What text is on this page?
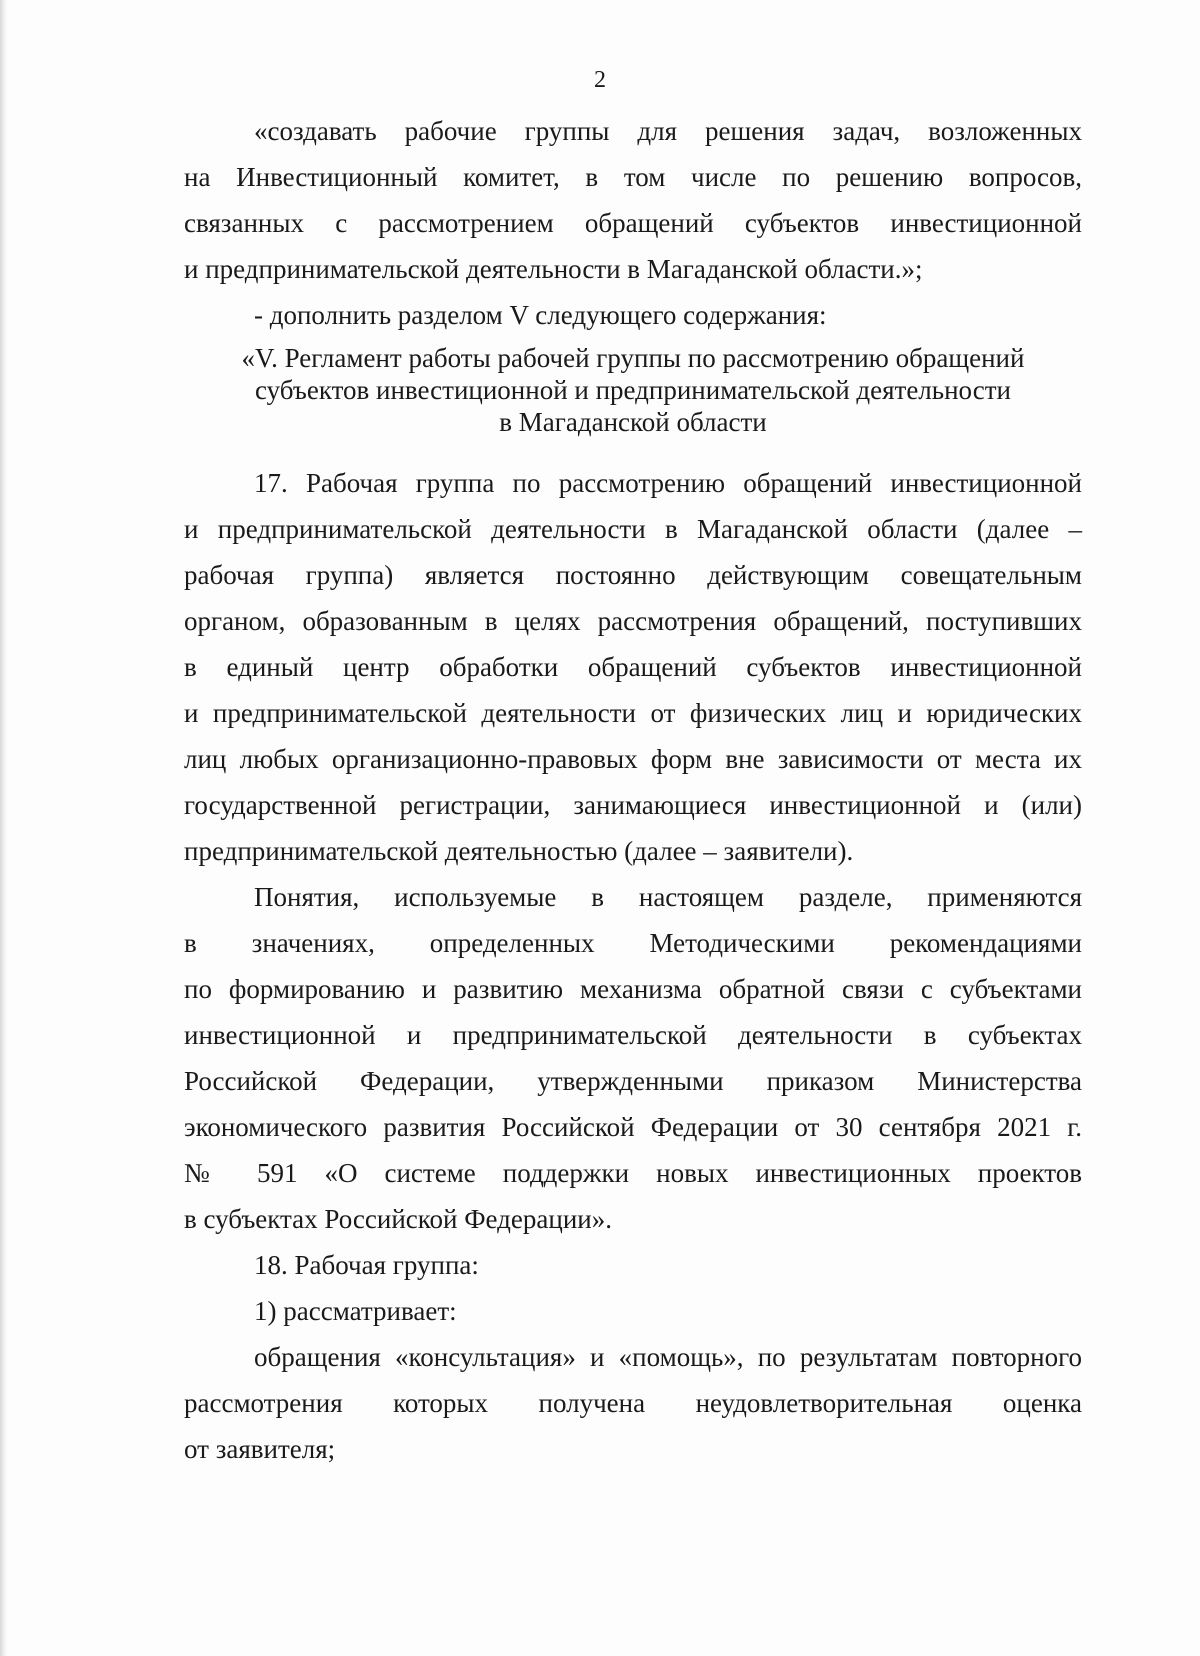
2
«создавать рабочие группы для решения задач, возложенных
на Инвестиционный комитет, в том числе по решению вопросов,
связанных с рассмотрением обращений субъектов инвестиционной
и предпринимательской деятельности в Магаданской области.»;
- дополнить разделом V следующего содержания:
«V. Регламент работы рабочей группы по рассмотрению обращений
субъектов инвестиционной и предпринимательской деятельности
в Магаданской области
17. Рабочая группа по рассмотрению обращений инвестиционной
и предпринимательской деятельности в Магаданской области (далее –
рабочая группа) является постоянно действующим совещательным
органом, образованным в целях рассмотрения обращений, поступивших
в единый центр обработки обращений субъектов инвестиционной
и предпринимательской деятельности от физических лиц и юридических
лиц любых организационно-правовых форм вне зависимости от места их
государственной регистрации, занимающиеся инвестиционной и (или)
предпринимательской деятельностью (далее – заявители).
Понятия, используемые в настоящем разделе, применяются
в значениях, определенных Методическими рекомендациями
по формированию и развитию механизма обратной связи с субъектами
инвестиционной и предпринимательской деятельности в субъектах
Российской Федерации, утвержденными приказом Министерства
экономического развития Российской Федерации от 30 сентября 2021 г.
№ 591 «О системе поддержки новых инвестиционных проектов
в субъектах Российской Федерации».
18. Рабочая группа:
1) рассматривает:
обращения «консультация» и «помощь», по результатам повторного
рассмотрения которых получена неудовлетворительная оценка
от заявителя;
